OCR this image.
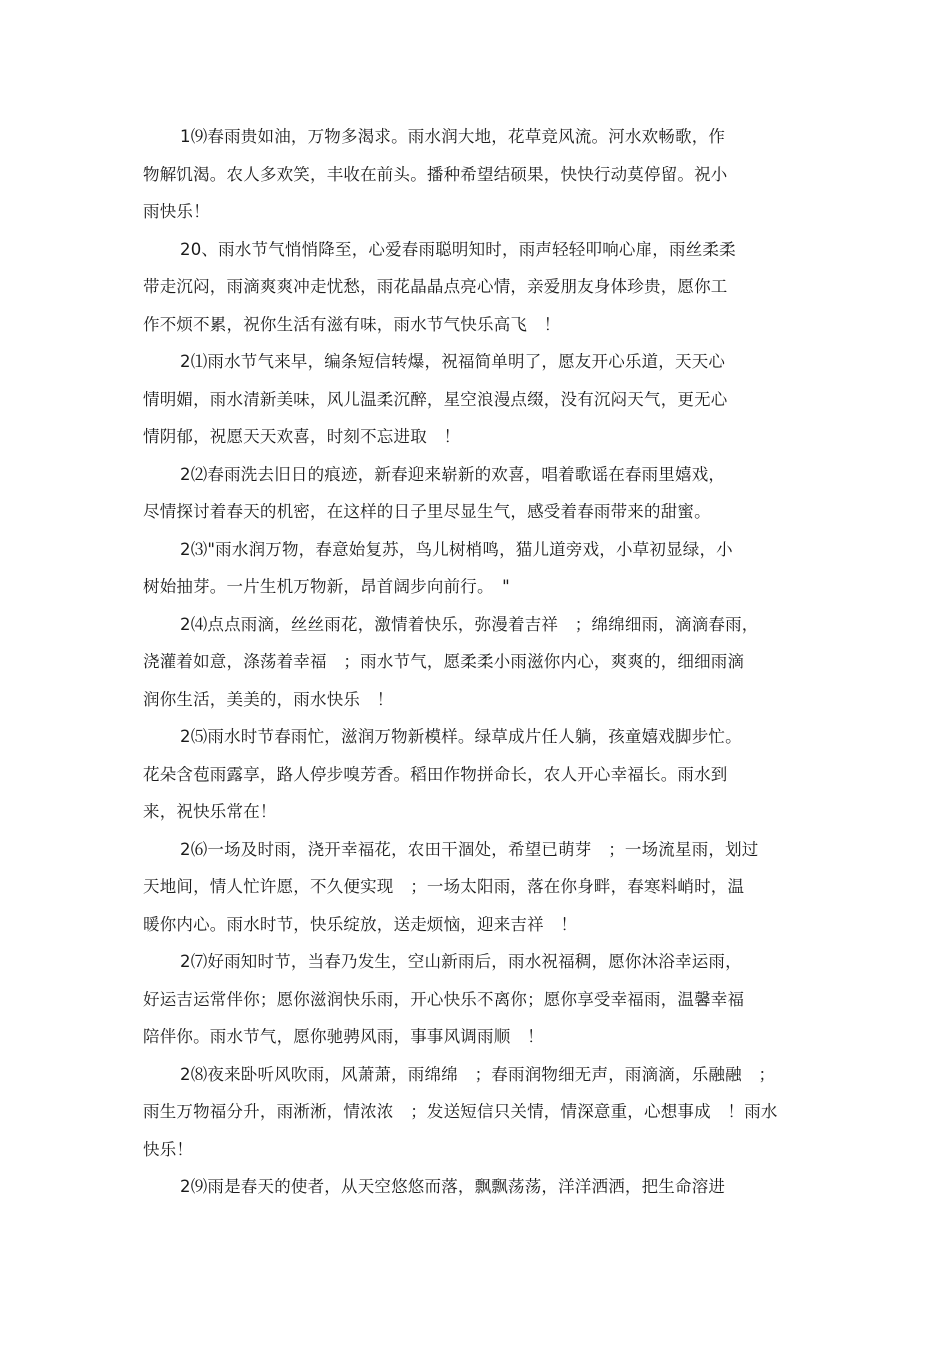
1⑼春雨贵如油，万物多渴求。雨水润大地，花草竞风流。河水欢畅歌，作
物解饥渴。农人多欢笑，丰收在前头。播种希望结硕果，快快行动莫停留。祝小
雨快乐！
20、雨水节气悄悄降至，心爱春雨聪明知时，雨声轻轻叩响心扉，雨丝柔柔
带走沉闷，雨滴爽爽冲走忧愁，雨花晶晶点亮心情，亲爱朋友身体珍贵，愿你工
作不烦不累，祝你生活有滋有味，雨水节气快乐高飞　！
2⑴雨水节气来早，编条短信转爆，祝福简单明了，愿友开心乐道，天天心
情明媚，雨水清新美味，风儿温柔沉醉，星空浪漫点缀，没有沉闷天气，更无心
情阴郁，祝愿天天欢喜，时刻不忘进取　！
2⑵春雨洗去旧日的痕迹，新春迎来崭新的欢喜，唱着歌谣在春雨里嬉戏，
尽情探讨着春天的机密，在这样的日子里尽显生气，感受着春雨带来的甜蜜。
2⑶"雨水润万物，春意始复苏，鸟儿树梢鸣，猫儿道旁戏，小草初显绿，小
树始抽芽。一片生机万物新，昂首阔步向前行。　"
2⑷点点雨滴，丝丝雨花，激情着快乐，弥漫着吉祥　；绵绵细雨，滴滴春雨，
浇灌着如意，涤荡着幸福　；雨水节气，愿柔柔小雨滋你内心，爽爽的，细细雨滴
润你生活，美美的，雨水快乐　！
2⑸雨水时节春雨忙，滋润万物新模样。绿草成片任人躺，孩童嬉戏脚步忙。
花朵含苞雨露享，路人停步嗅芳香。稻田作物拼命长，农人开心幸福长。雨水到
来，祝快乐常在！
2⑹一场及时雨，浇开幸福花，农田干涸处，希望已萌芽　；一场流星雨，划过
天地间，情人忙许愿，不久便实现　；一场太阳雨，落在你身畔，春寒料峭时，温
暖你内心。雨水时节，快乐绽放，送走烦恼，迎来吉祥　！
2⑺好雨知时节，当春乃发生，空山新雨后，雨水祝福稠，愿你沐浴幸运雨，
好运吉运常伴你；愿你滋润快乐雨，开心快乐不离你；愿你享受幸福雨，温馨幸福
陪伴你。雨水节气，愿你驰骋风雨，事事风调雨顺　！
2⑻夜来卧听风吹雨，风萧萧，雨绵绵　；春雨润物细无声，雨滴滴，乐融融　；
雨生万物福分升，雨淅淅，情浓浓　；发送短信只关情，情深意重，心想事成　！雨水
快乐！
2⑼雨是春天的使者，从天空悠悠而落，飘飘荡荡，洋洋洒洒，把生命溶进
